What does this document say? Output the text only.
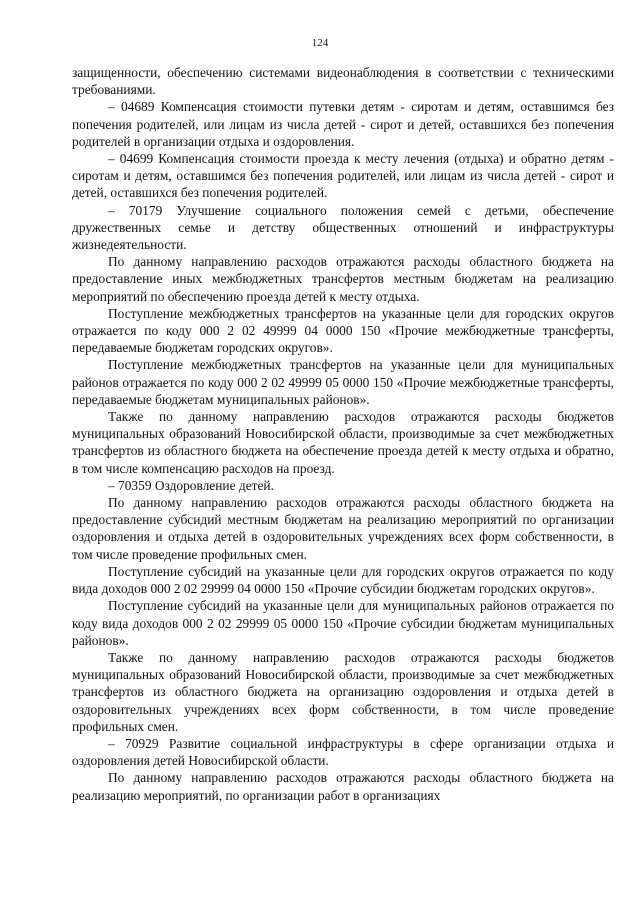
124

защищенности, обеспечению системами видеонаблюдения в соответствии с техническими требованиями.

– 04689 Компенсация стоимости путевки детям - сиротам и детям, оставшимся без попечения родителей, или лицам из числа детей - сирот и детей, оставшихся без попечения родителей в организации отдыха и оздоровления.

– 04699 Компенсация стоимости проезда к месту лечения (отдыха) и обратно детям - сиротам и детям, оставшимся без попечения родителей, или лицам из числа детей - сирот и детей, оставшихся без попечения родителей.

– 70179 Улучшение социального положения семей с детьми, обеспечение дружественных семье и детству общественных отношений и инфраструктуры жизнедеятельности.

По данному направлению расходов отражаются расходы областного бюджета на предоставление иных межбюджетных трансфертов местным бюджетам на реализацию мероприятий по обеспечению проезда детей к месту отдыха.

Поступление межбюджетных трансфертов на указанные цели для городских округов отражается по коду 000 2 02 49999 04 0000 150 «Прочие межбюджетные трансферты, передаваемые бюджетам городских округов».

Поступление межбюджетных трансфертов на указанные цели для муниципальных районов отражается по коду 000 2 02 49999 05 0000 150 «Прочие межбюджетные трансферты, передаваемые бюджетам муниципальных районов».

Также по данному направлению расходов отражаются расходы бюджетов муниципальных образований Новосибирской области, производимые за счет межбюджетных трансфертов из областного бюджета на обеспечение проезда детей к месту отдыха и обратно, в том числе компенсацию расходов на проезд.

– 70359 Оздоровление детей.

По данному направлению расходов отражаются расходы областного бюджета на предоставление субсидий местным бюджетам на реализацию мероприятий по организации оздоровления и отдыха детей в оздоровительных учреждениях всех форм собственности, в том числе проведение профильных смен.

Поступление субсидий на указанные цели для городских округов отражается по коду вида доходов 000 2 02 29999 04 0000 150 «Прочие субсидии бюджетам городских округов».

Поступление субсидий на указанные цели для муниципальных районов отражается по коду вида доходов 000 2 02 29999 05 0000 150 «Прочие субсидии бюджетам муниципальных районов».

Также по данному направлению расходов отражаются расходы бюджетов муниципальных образований Новосибирской области, производимые за счет межбюджетных трансфертов из областного бюджета на организацию оздоровления и отдыха детей в оздоровительных учреждениях всех форм собственности, в том числе проведение профильных смен.

– 70929 Развитие социальной инфраструктуры в сфере организации отдыха и оздоровления детей Новосибирской области.

По данному направлению расходов отражаются расходы областного бюджета на реализацию мероприятий, по организации работ в организациях
